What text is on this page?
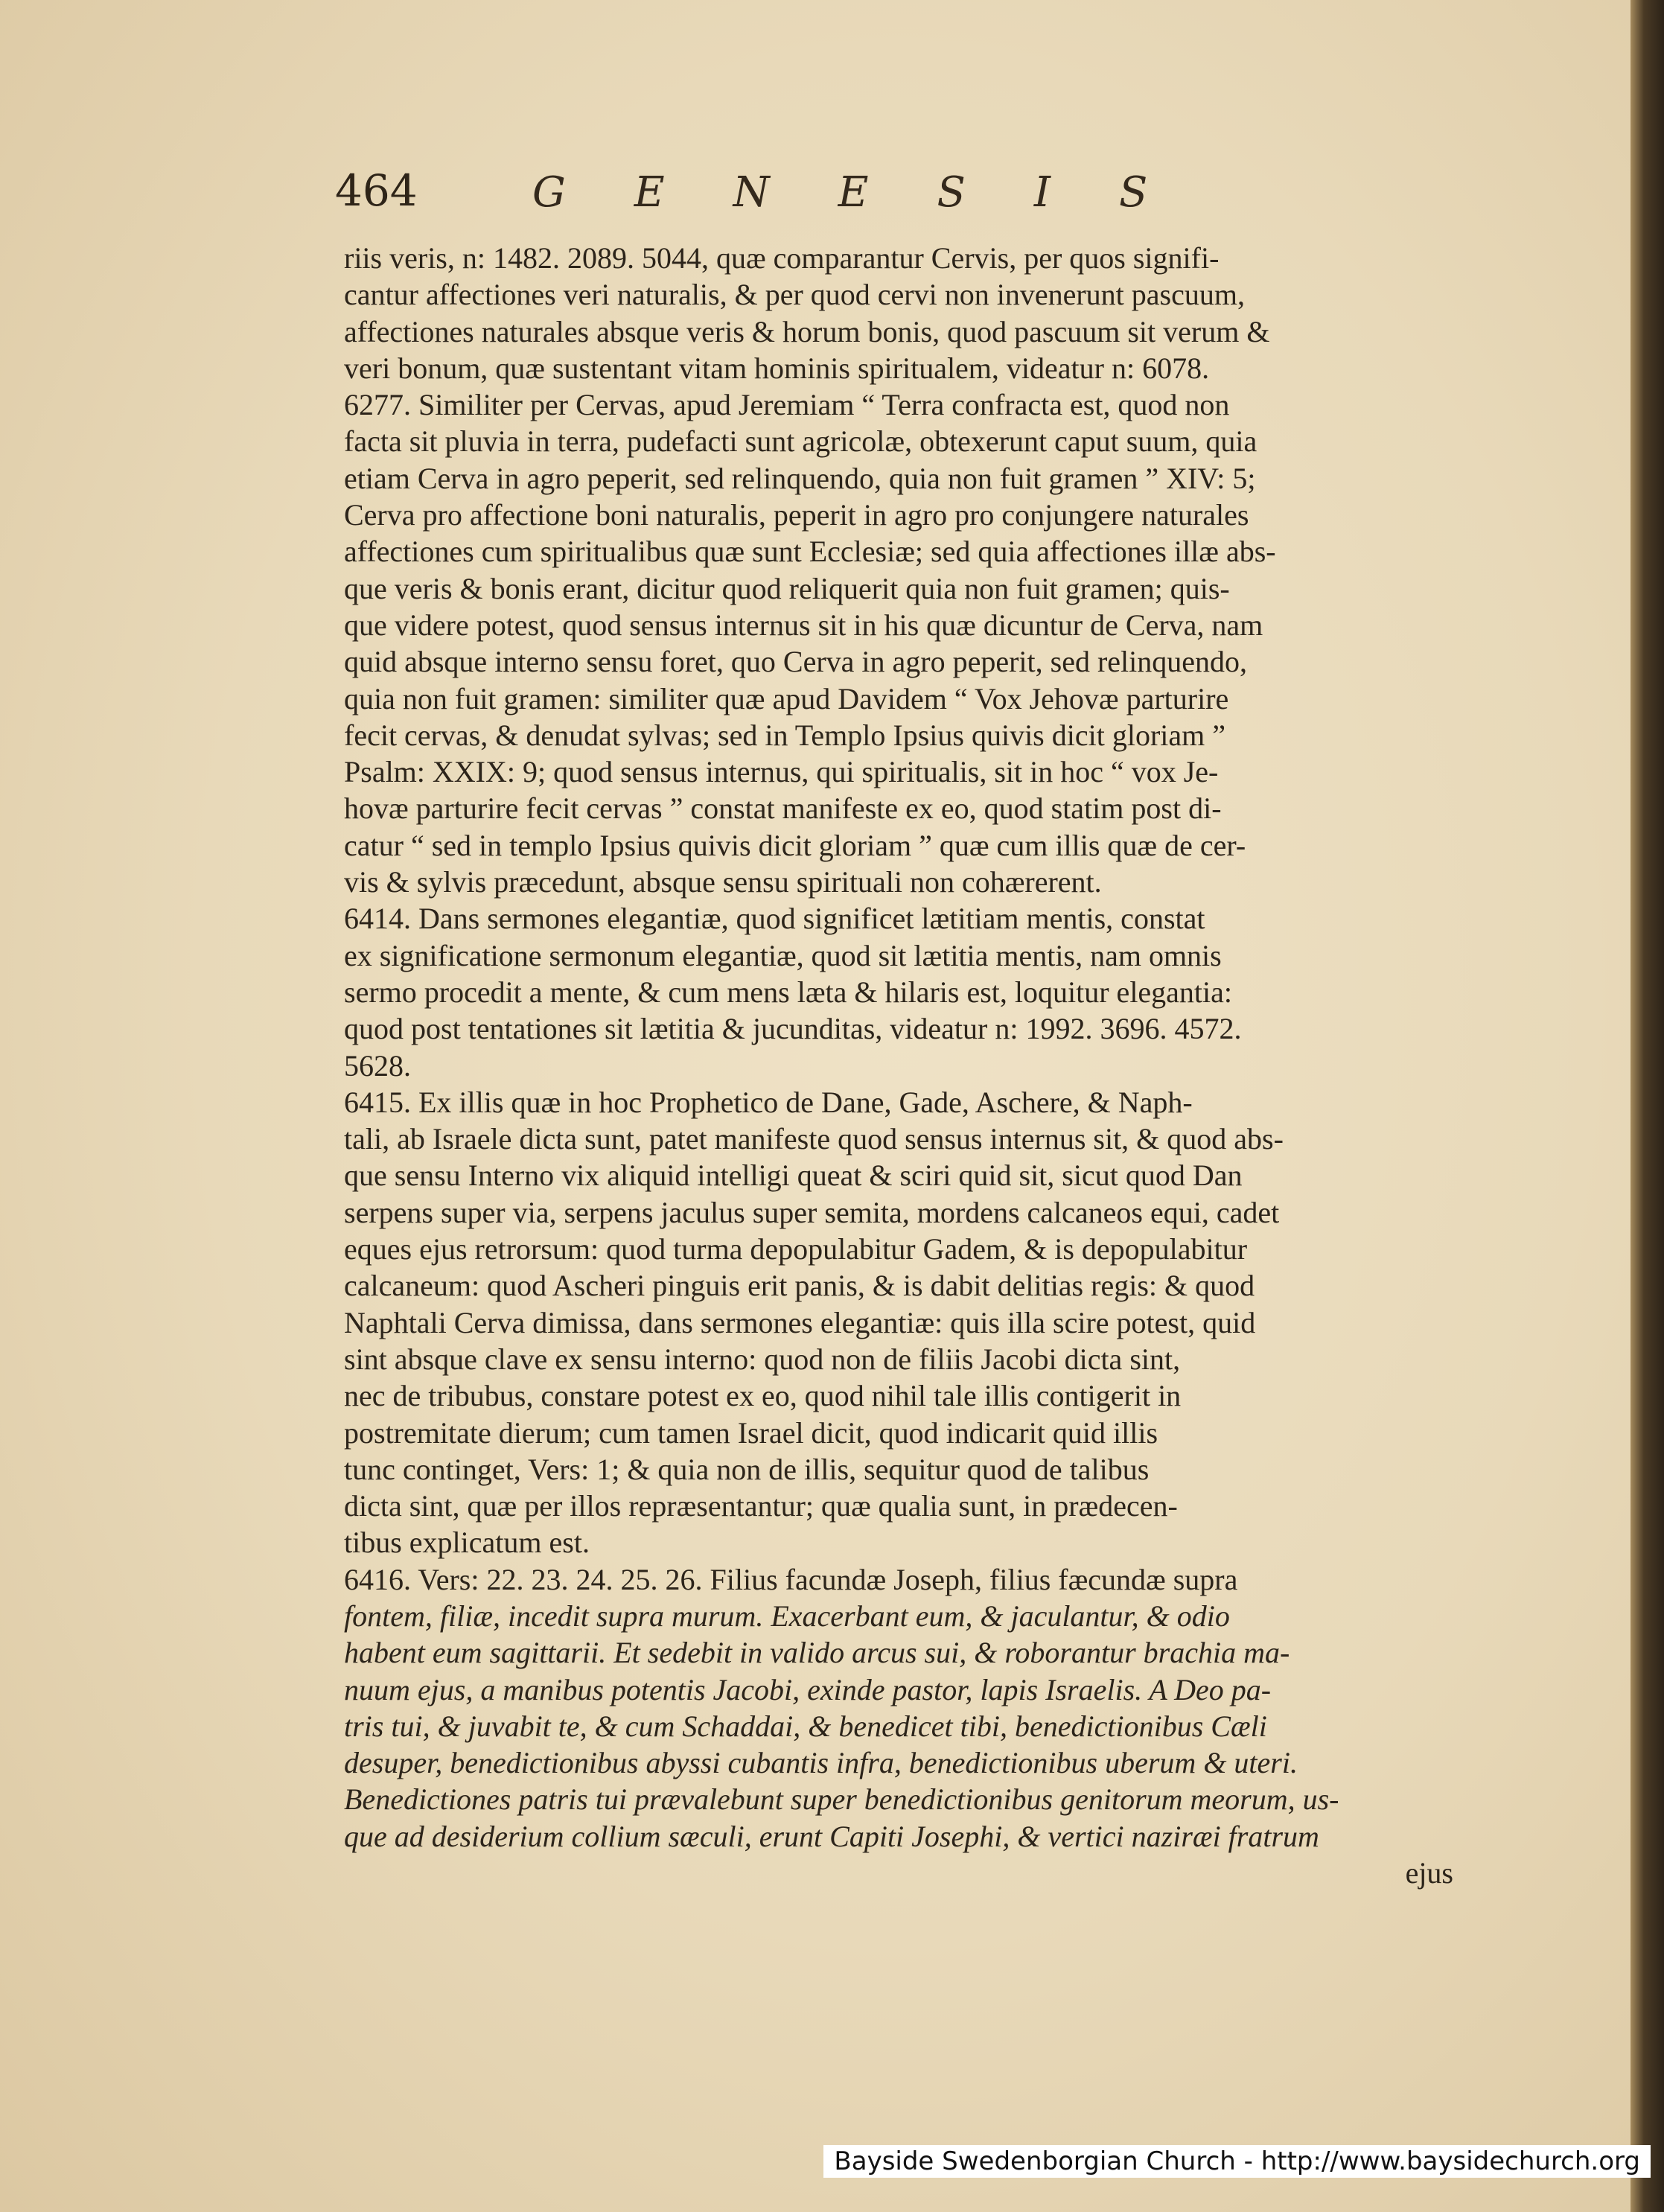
464	GENESIS
riis veris, n: 1482. 2089. 5044, quæ comparantur Cervis, per quos signifi-
cantur affectiones veri naturalis, & per quod cervi non invenerunt pascuum,
affectiones naturales absque veris & horum bonis, quod pascuum sit verum &
veri bonum, quæ sustentant vitam hominis spiritualem, videatur n: 6078.
6277. Similiter per Cervas, apud Jeremiam “ Terra confracta est, quod non
facta sit pluvia in terra, pudefacti sunt agricolæ, obtexerunt caput suum, quia
etiam Cerva in agro peperit, sed relinquendo, quia non fuit gramen ” XIV: 5;
Cerva pro affectione boni naturalis, peperit in agro pro conjungere naturales
affectiones cum spiritualibus quæ sunt Ecclesiæ; sed quia affectiones illæ abs-
que veris & bonis erant, dicitur quod reliquerit quia non fuit gramen; quis-
que videre potest, quod sensus internus sit in his quæ dicuntur de Cerva, nam
quid absque interno sensu foret, quo Cerva in agro peperit, sed relinquendo,
quia non fuit gramen: similiter quæ apud Davidem “ Vox Jehovæ parturire
fecit cervas, & denudat sylvas; sed in Templo Ipsius quivis dicit gloriam ”
Psalm: XXIX: 9; quod sensus internus, qui spiritualis, sit in hoc “ vox Je-
hovæ parturire fecit cervas ” constat manifeste ex eo, quod statim post di-
catur “ sed in templo Ipsius quivis dicit gloriam ” quæ cum illis quæ de cer-
vis & sylvis præcedunt, absque sensu spirituali non cohærerent.
6414. Dans sermones elegantiæ, quod significet lætitiam mentis, constat
ex significatione sermonum elegantiæ, quod sit lætitia mentis, nam omnis
sermo procedit a mente, & cum mens læta & hilaris est, loquitur elegantia:
quod post tentationes sit lætitia & jucunditas, videatur n: 1992. 3696. 4572.
5628.
6415. Ex illis quæ in hoc Prophetico de Dane, Gade, Aschere, & Naph-
tali, ab Israele dicta sunt, patet manifeste quod sensus internus sit, & quod abs-
que sensu Interno vix aliquid intelligi queat & sciri quid sit, sicut quod Dan
serpens super via, serpens jaculus super semita, mordens calcaneos equi, cadet
eques ejus retrorsum: quod turma depopulabitur Gadem, & is depopulabitur
calcaneum: quod Ascheri pinguis erit panis, & is dabit delitias regis: & quod
Naphtali Cerva dimissa, dans sermones elegantiæ: quis illa scire potest, quid
sint absque clave ex sensu interno: quod non de filiis Jacobi dicta sint,
nec de tribubus, constare potest ex eo, quod nihil tale illis contigerit in
postremitate dierum; cum tamen Israel dicit, quod indicarit quid illis
tunc continget, Vers: 1; & quia non de illis, sequitur quod de talibus
dicta sint, quæ per illos repræsentantur; quæ qualia sunt, in prædecen-
tibus explicatum est.
6416. Vers: 22. 23. 24. 25. 26. Filius facundæ Joseph, filius fæcundæ supra
fontem, filiæ, incedit supra murum. Exacerbant eum, & jaculantur, & odio
habent eum sagittarii. Et sedebit in valido arcus sui, & roborantur brachia ma-
nuum ejus, a manibus potentis Jacobi, exinde pastor, lapis Israelis. A Deo pa-
tris tui, & juvabit te, & cum Schaddai, & benedicet tibi, benedictionibus Cæli
desuper, benedictionibus abyssi cubantis infra, benedictionibus uberum & uteri.
Benedictiones patris tui prævalebunt super benedictionibus genitorum meorum, us-
que ad desiderium collium sæculi, erunt Capiti Josephi, & vertici naziræi fratrum
ejus
Bayside Swedenborgian Church - http://www.baysidechurch.org
